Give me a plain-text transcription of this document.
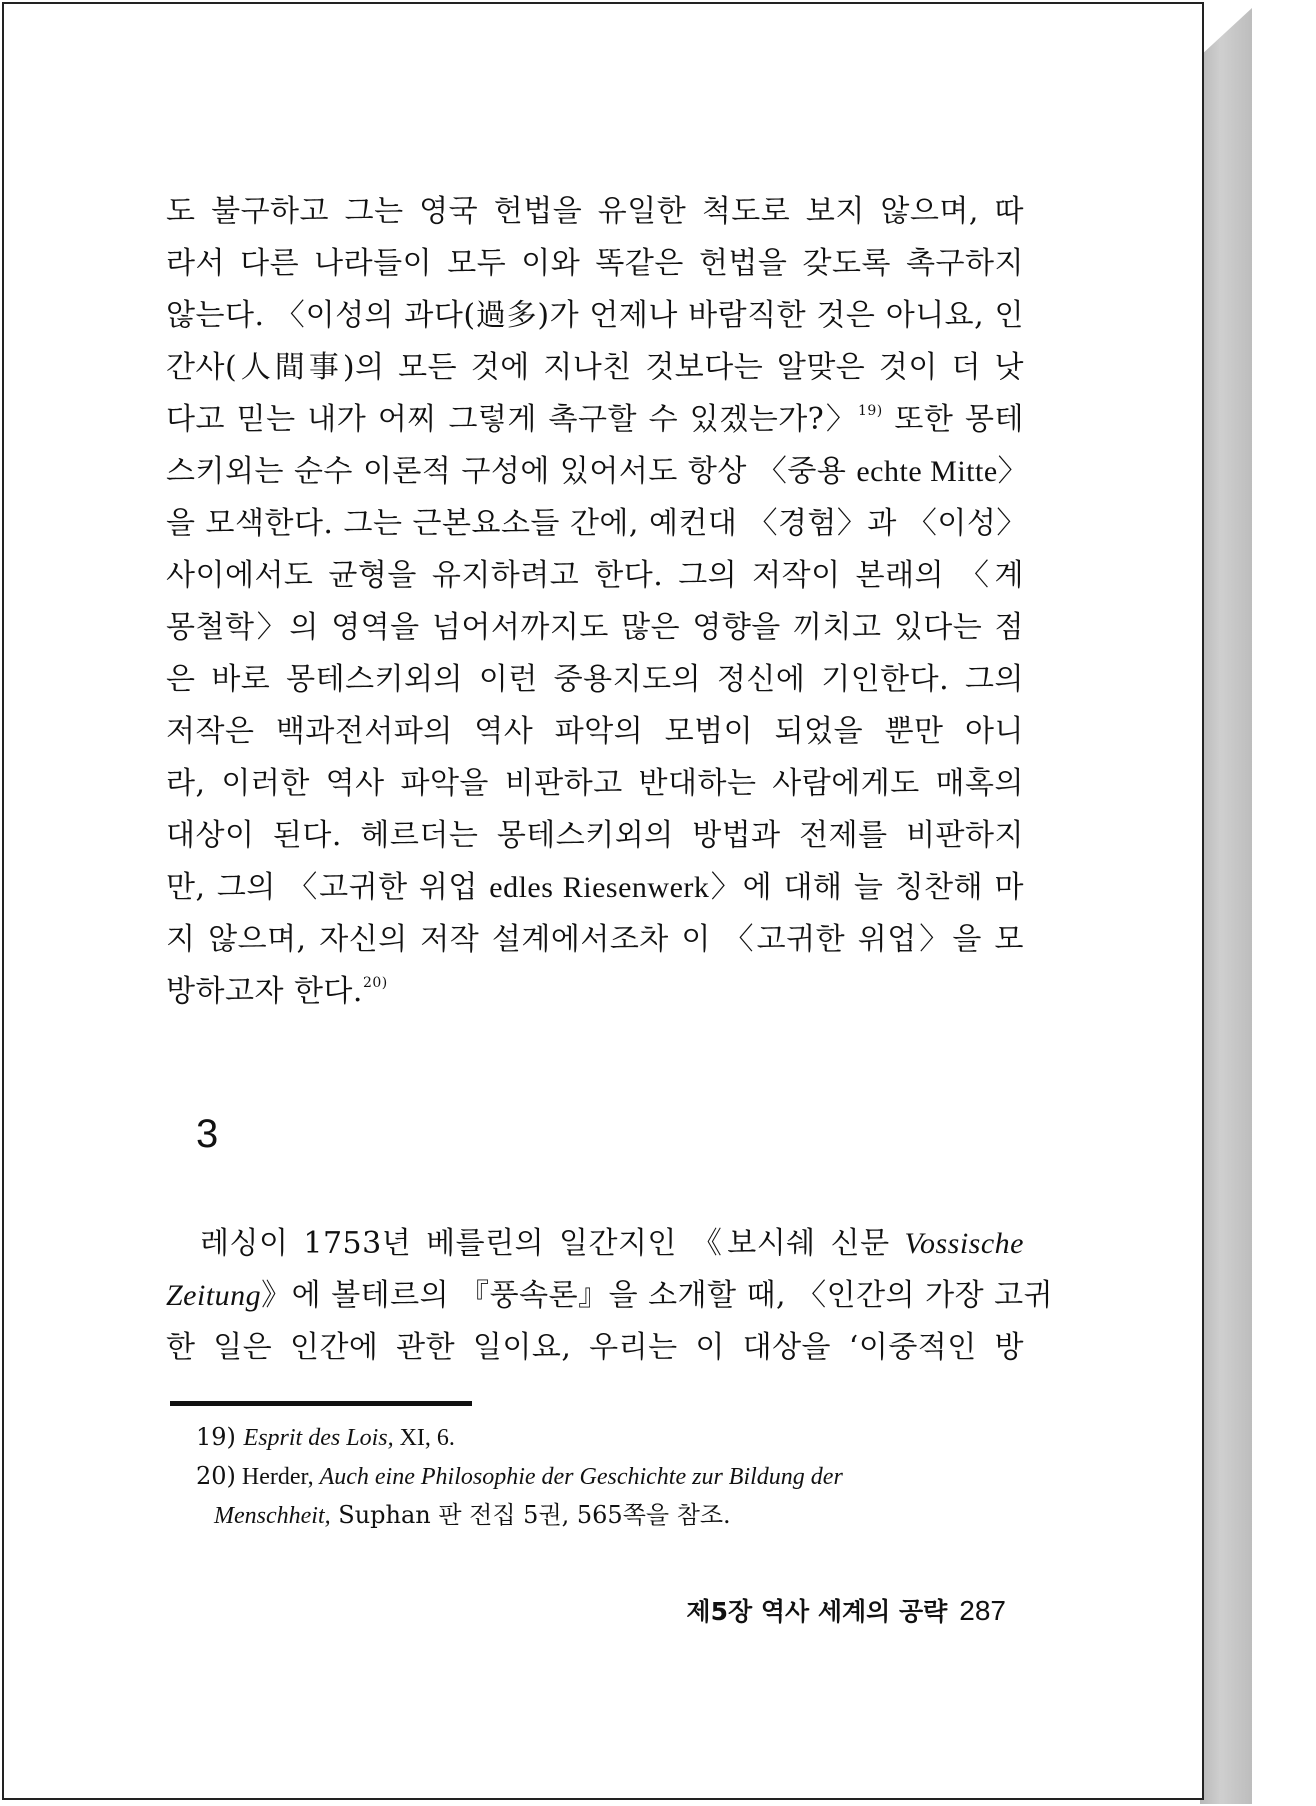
도 불구하고 그는 영국 헌법을 유일한 척도로 보지 않으며, 따
라서 다른 나라들이 모두 이와 똑같은 헌법을 갖도록 촉구하지
않는다. 〈이성의 과다(過多)가 언제나 바람직한 것은 아니요, 인
간사(人間事)의 모든 것에 지나친 것보다는 알맞은 것이 더 낫
다고 믿는 내가 어찌 그렇게 촉구할 수 있겠는가?〉$^{19)}$ 또한 몽테
스키외는 순수 이론적 구성에 있어서도 항상 〈중용 echte Mitte〉
을 모색한다. 그는 근본요소들 간에, 예컨대 〈경험〉과 〈이성〉
사이에서도 균형을 유지하려고 한다. 그의 저작이 본래의 〈계
몽철학〉의 영역을 넘어서까지도 많은 영향을 끼치고 있다는 점
은 바로 몽테스키외의 이런 중용지도의 정신에 기인한다. 그의
저작은 백과전서파의 역사 파악의 모범이 되었을 뿐만 아니
라, 이러한 역사 파악을 비판하고 반대하는 사람에게도 매혹의
대상이 된다. 헤르더는 몽테스키외의 방법과 전제를 비판하지
만, 그의 〈고귀한 위업 edles Riesenwerk〉에 대해 늘 칭찬해 마
지 않으며, 자신의 저작 설계에서조차 이 〈고귀한 위업〉을 모
방하고자 한다.$^{20)}$
3
레싱이 1753년 베를린의 일간지인 《보시쉐 신문 Vossische
Zeitung》에 볼테르의 『풍속론』을 소개할 때, 〈인간의 가장 고귀
한 일은 인간에 관한 일이요, 우리는 이 대상을 ‘이중적인 방
19) Esprit des Lois, XI, 6.
20) Herder, Auch eine Philosophie der Geschichte zur Bildung der
Menschheit, Suphan 판 전집 5권, 565쪽을 참조.
제5장 역사 세계의 공략 287
